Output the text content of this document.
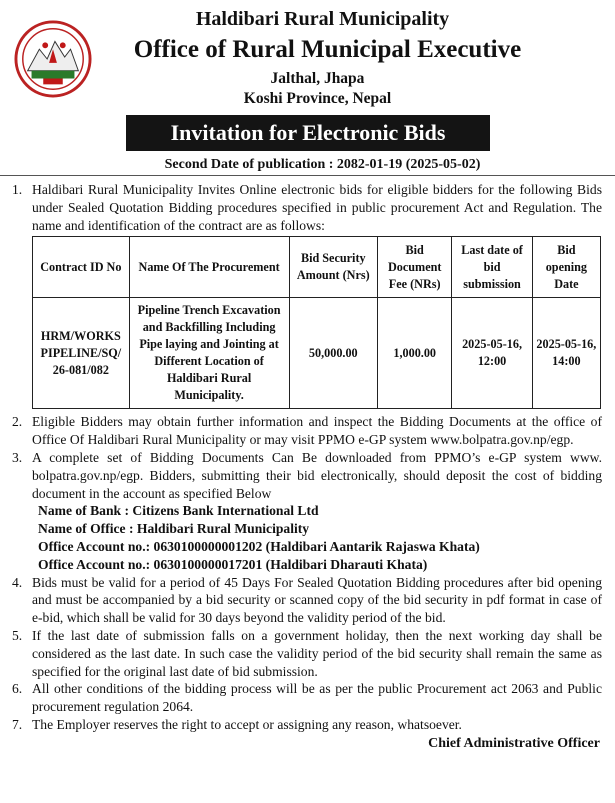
Haldibari Rural Municipality
Office of Rural Municipal Executive
Jalthal, Jhapa
Koshi Province, Nepal
Invitation for Electronic Bids
Second Date of publication : 2082-01-19 (2025-05-02)
1. Haldibari Rural Municipality Invites Online electronic bids for eligible bidders for the following Bids under Sealed Quotation Bidding procedures specified in public procurement Act and Regulation. The name and identification of the contract are as follows:
Contract ID No	Name Of The Procurement	Bid Security Amount (Nrs)	Bid Document Fee (NRs)	Last date of bid submission	Bid opening Date
HRM/WORKS PIPELINE/SQ/ 26-081/082	Pipeline Trench Excavation and Backfilling Including Pipe laying and Jointing at Different Location of Haldibari Rural Municipality.	50,000.00	1,000.00	2025-05-16, 12:00	2025-05-16, 14:00
2. Eligible Bidders may obtain further information and inspect the Bidding Documents at the office of Office Of Haldibari Rural Municipality or may visit PPMO e-GP system www.bolpatra.gov.np/egp.
3. A complete set of Bidding Documents Can Be downloaded from PPMO’s e-GP system www. bolpatra.gov.np/egp. Bidders, submitting their bid electronically, should deposit the cost of bidding document in the account as specified Below
Name of Bank : Citizens Bank International Ltd
Name of Office : Haldibari Rural Municipality
Office Account no.: 0630100000001202 (Haldibari Aantarik Rajaswa Khata)
Office Account no.: 0630100000017201 (Haldibari Dharauti Khata)
4. Bids must be valid for a period of 45 Days For Sealed Quotation Bidding procedures after bid opening and must be accompanied by a bid security or scanned copy of the bid security in pdf format in case of e-bid, which shall be valid for 30 days beyond the validity period of the bid.
5. If the last date of submission falls on a government holiday, then the next working day shall be considered as the last date. In such case the validity period of the bid security shall remain the same as specified for the original last date of bid submission.
6. All other conditions of the bidding process will be as per the public Procurement act 2063 and Public procurement regulation 2064.
7. The Employer reserves the right to accept or assigning any reason, whatsoever.
Chief Administrative Officer
